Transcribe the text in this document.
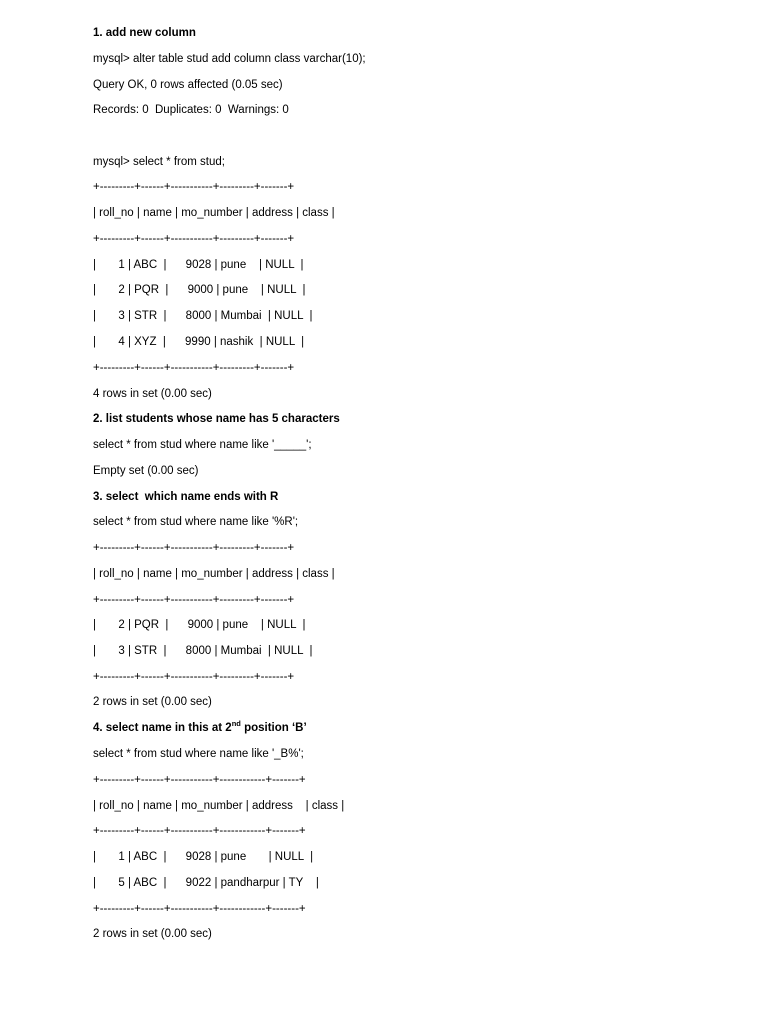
1. add new column
mysql> alter table stud add column class varchar(10);
Query OK, 0 rows affected (0.05 sec)
Records: 0  Duplicates: 0  Warnings: 0
mysql> select * from stud;
+---------+------+-----------+---------+-------+
| roll_no | name | mo_number | address | class |
+---------+------+-----------+---------+-------+
|       1 | ABC  |      9028 | pune    | NULL  |
|       2 | PQR  |      9000 | pune    | NULL  |
|       3 | STR  |      8000 | Mumbai  | NULL  |
|       4 | XYZ  |      9990 | nashik  | NULL  |
+---------+------+-----------+---------+-------+
4 rows in set (0.00 sec)
2. list students whose name has 5 characters
select * from stud where name like '_____';
Empty set (0.00 sec)
3. select  which name ends with R
select * from stud where name like '%R';
+---------+------+-----------+---------+-------+
| roll_no | name | mo_number | address | class |
+---------+------+-----------+---------+-------+
|       2 | PQR  |      9000 | pune    | NULL  |
|       3 | STR  |      8000 | Mumbai  | NULL  |
+---------+------+-----------+---------+-------+
2 rows in set (0.00 sec)
4. select name in this at 2nd position ‘B’
select * from stud where name like '_B%';
+---------+------+-----------+------------+-------+
| roll_no | name | mo_number | address    | class |
+---------+------+-----------+------------+-------+
|       1 | ABC  |      9028 | pune       | NULL  |
|       5 | ABC  |      9022 | pandharpur | TY    |
+---------+------+-----------+------------+-------+
2 rows in set (0.00 sec)
